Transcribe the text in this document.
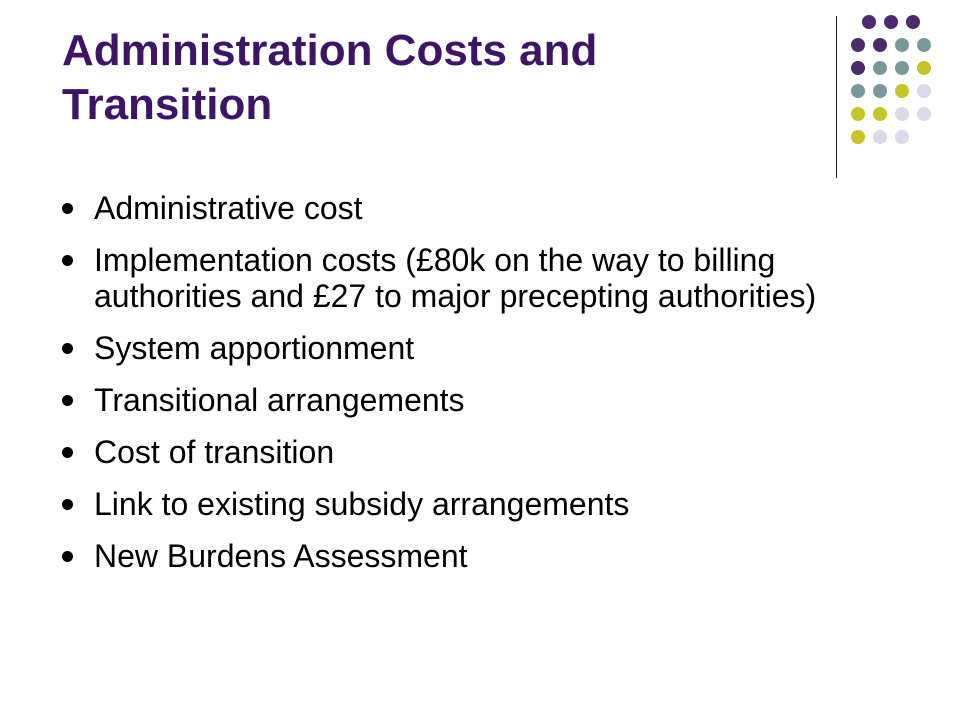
Administration Costs and Transition
Administrative cost
Implementation costs (£80k on the way to billing authorities and £27 to major precepting authorities)
System apportionment
Transitional arrangements
Cost of transition
Link to existing subsidy arrangements
New Burdens Assessment
